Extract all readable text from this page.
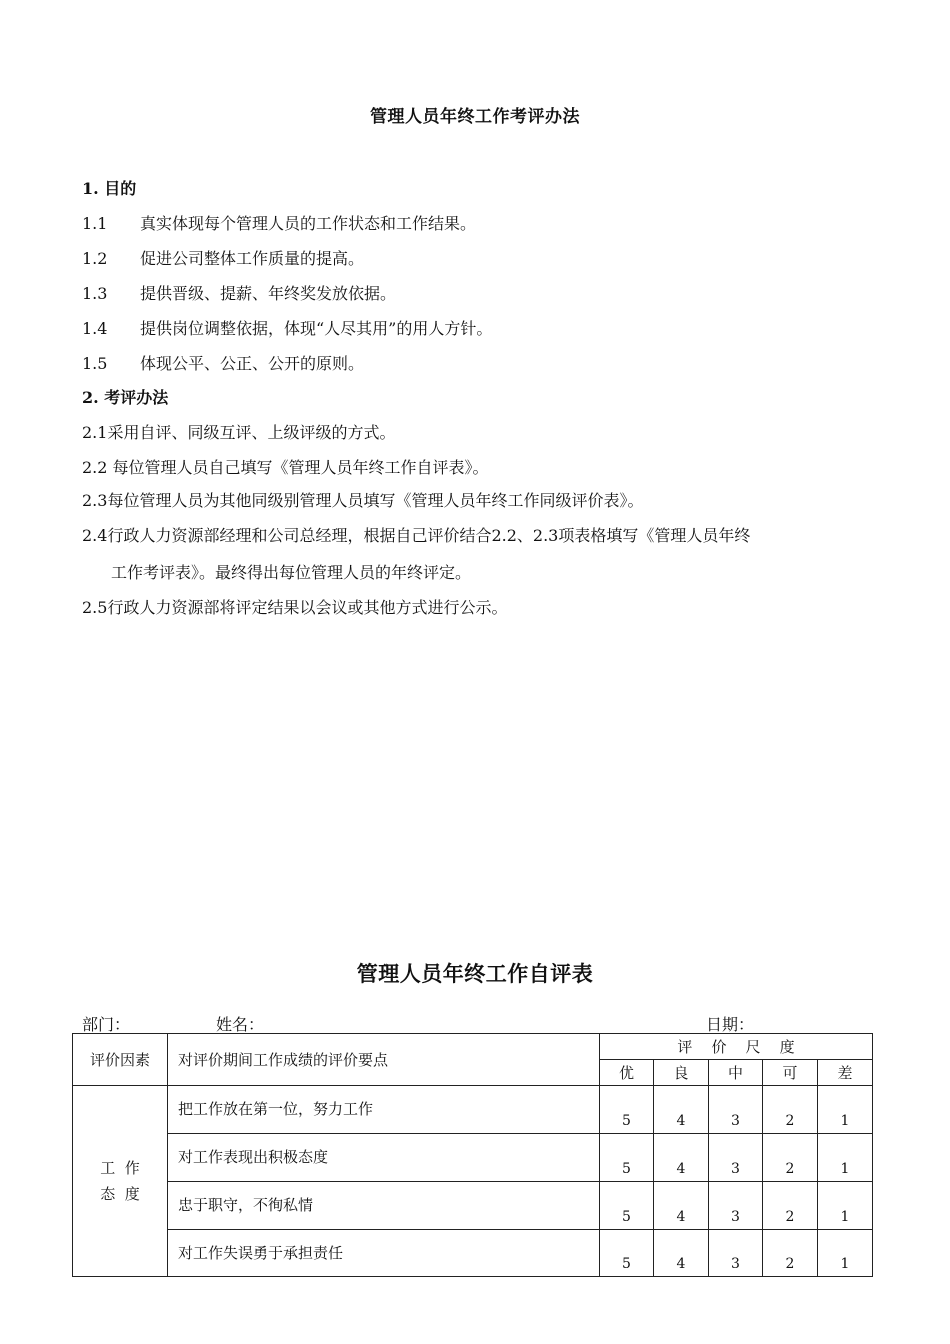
管理人员年终工作考评办法
1. 目的
1.1 真实体现每个管理人员的工作状态和工作结果。
1.2 促进公司整体工作质量的提高。
1.3 提供晋级、提薪、年终奖发放依据。
1.4 提供岗位调整依据，体现“人尽其用”的用人方针。
1.5 体现公平、公正、公开的原则。
2. 考评办法
2.1采用自评、同级互评、上级评级的方式。
2.2 每位管理人员自己填写《管理人员年终工作自评表》。
2.3每位管理人员为其他同级别管理人员填写《管理人员年终工作同级评价表》。
2.4行政人力资源部经理和公司总经理，根据自己评价结合2.2、2.3项表格填写《管理人员年终
工作考评表》。最终得出每位管理人员的年终评定。
2.5行政人力资源部将评定结果以会议或其他方式进行公示。
管理人员年终工作自评表
部门：	姓名：	日期：
评价因素	对评价期间工作成绩的评价要点	评    价    尺    度				
		优	良	中	可	差

工  作
态  度	把工作放在第一位，努力工作	5	4	3	2	1
	对工作表现出积极态度	5	4	3	2	1
	忠于职守，不徇私情	5	4	3	2	1
	对工作失误勇于承担责任	5	4	3	2	1
